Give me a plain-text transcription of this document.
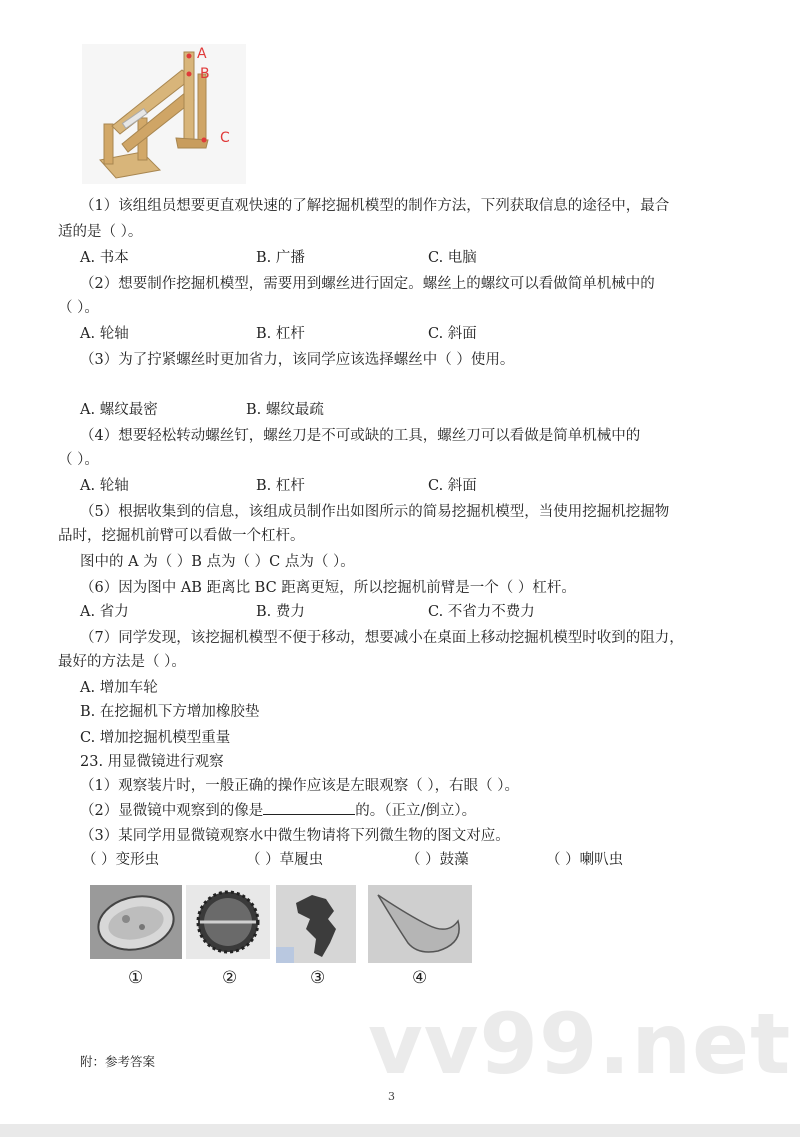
A
B
C
（1）该组组员想要更直观快速的了解挖掘机模型的制作方法，下列获取信息的途径中，最合
适的是（ ）。
A. 书本	B. 广播	C. 电脑
（2）想要制作挖掘机模型，需要用到螺丝进行固定。螺丝上的螺纹可以看做简单机械中的
（ ）。
A. 轮轴	B. 杠杆	C. 斜面
（3）为了拧紧螺丝时更加省力，该同学应该选择螺丝中（ ）使用。
A. 螺纹最密	B. 螺纹最疏
（4）想要轻松转动螺丝钉，螺丝刀是不可或缺的工具，螺丝刀可以看做是简单机械中的
（ ）。
A. 轮轴	B. 杠杆	C. 斜面
（5）根据收集到的信息，该组成员制作出如图所示的简易挖掘机模型，当使用挖掘机挖掘物
品时，挖掘机前臂可以看做一个杠杆。
图中的 A 为（ ）B 点为（ ）C 点为（ ）。
（6）因为图中 AB 距离比 BC 距离更短，所以挖掘机前臂是一个（ ）杠杆。
A. 省力	B. 费力	C. 不省力不费力
（7）同学发现，该挖掘机模型不便于移动，想要减小在桌面上移动挖掘机模型时收到的阻力，
最好的方法是（ ）。
A. 增加车轮
B. 在挖掘机下方增加橡胶垫
C. 增加挖掘机模型重量
23. 用显微镜进行观察
（1）观察装片时，一般正确的操作应该是左眼观察（ ），右眼（ ）。
（2）显微镜中观察到的像是	的。（正立/倒立）。
（3）某同学用显微镜观察水中微生物请将下列微生物的图文对应。
（ ）变形虫	（ ）草履虫	（ ）鼓藻	（ ）喇叭虫
①	②	③	④
vv99.net
附：参考答案
3
